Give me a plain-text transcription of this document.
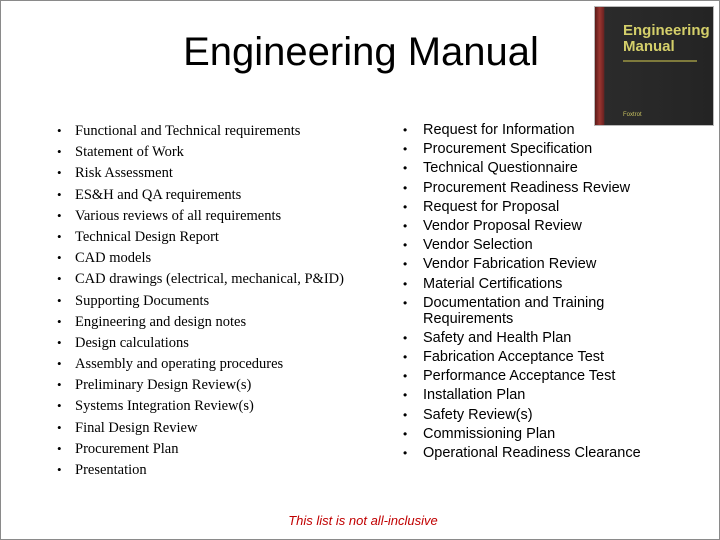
Engineering Manual	Engineering
Manual
Foxtrot
• Functional and Technical requirements
• Statement of Work
• Risk Assessment
• ES&H and QA requirements
• Various reviews of all requirements
• Technical Design Report
• CAD models
• CAD drawings (electrical, mechanical, P&ID)
• Supporting Documents
• Engineering and design notes
• Design calculations
• Assembly and operating procedures
• Preliminary Design Review(s)
• Systems Integration Review(s)
• Final Design Review
• Procurement Plan
• Presentation
• Request for Information
• Procurement Specification
• Technical Questionnaire
• Procurement Readiness Review
• Request for Proposal
• Vendor Proposal Review
• Vendor Selection
• Vendor Fabrication Review
• Material Certifications
• Documentation and Training Requirements
• Safety and Health Plan
• Fabrication Acceptance Test
• Performance Acceptance Test
• Installation Plan
• Safety Review(s)
• Commissioning Plan
• Operational Readiness Clearance
This list is not all-inclusive
